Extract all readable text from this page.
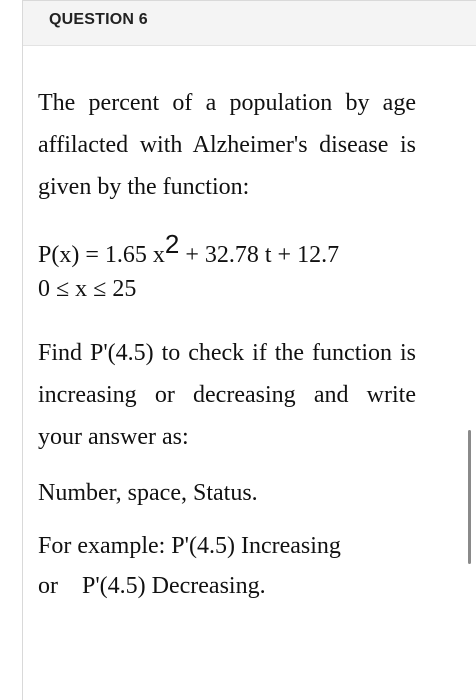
QUESTION 6

The percent of a population by age affilacted with Alzheimer's disease is given by the function:

P(x) = 1.65 x2 + 32.78 t + 12.7
0 ≤ x ≤ 25

Find P'(4.5) to check if the function is increasing or decreasing and write your answer as:

Number, space, Status.

For example: P'(4.5) Increasing
or    P'(4.5) Decreasing.
